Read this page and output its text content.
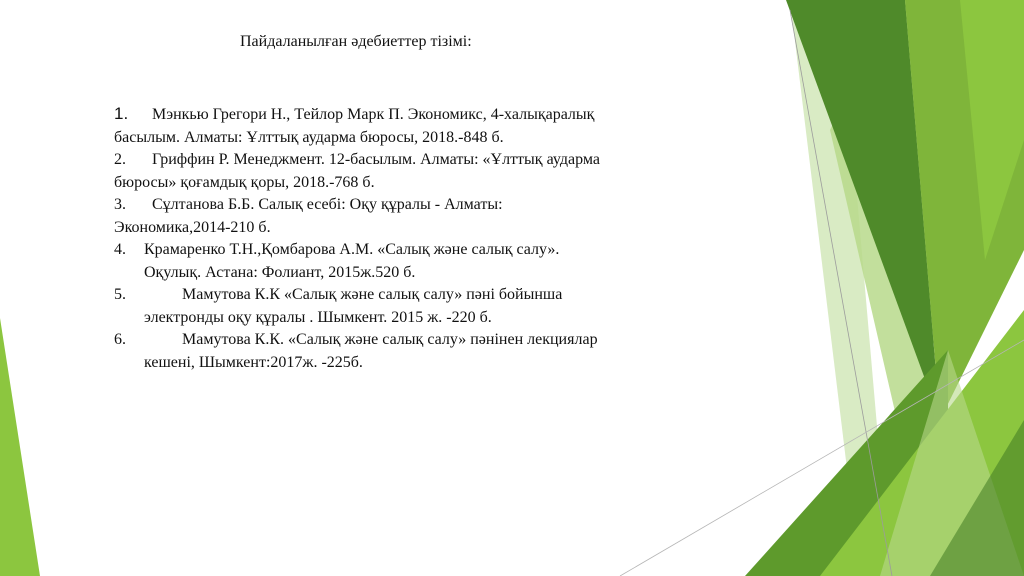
Пайдаланылған әдебиеттер тізімі:
1. Мэнкью Грегори Н., Тейлор Марк П. Экономикс, 4-халықаралық басылым. Алматы: Ұлттық аударма бюросы, 2018.-848 б.
2. Гриффин Р. Менеджмент. 12-басылым. Алматы: «Ұлттық аударма бюросы» қоғамдық қоры, 2018.-768 б.
3. Сұлтанова Б.Б. Салық есебі: Оқу құралы - Алматы: Экономика,2014-210 б.
4. Крамаренко Т.Н.,Қомбарова А.М. «Салық және салық салу». Оқулық. Астана: Фолиант, 2015ж.520 б.
5.	Мамутова К.К «Салық және салық салу» пәні бойынша электронды оқу құралы . Шымкент. 2015 ж. -220 б.
6.	Мамутова К.К. «Салық және салық салу» пәнінен лекциялар кешені, Шымкент:2017ж. -225б.
